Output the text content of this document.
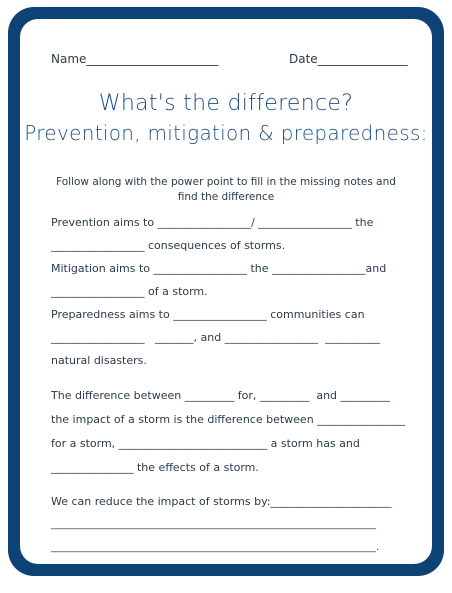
Name______________________	Date_______________
What's the difference?
Prevention, mitigation & preparedness:
Follow along with the power point to fill in the missing notes and
find the difference
Prevention aims to _________________/ _________________ the
_________________ consequences of storms.
Mitigation aims to _________________ the _________________and
_________________ of a storm.
Preparedness aims to _________________ communities can
_________________   _______, and _________________  __________
natural disasters.
The difference between _________ for, _________  and _________
the impact of a storm is the difference between ________________
for a storm, ___________________________ a storm has and
_______________ the effects of a storm.
We can reduce the impact of storms by:______________________
_________________________________________________________________
_________________________________________________________________.
